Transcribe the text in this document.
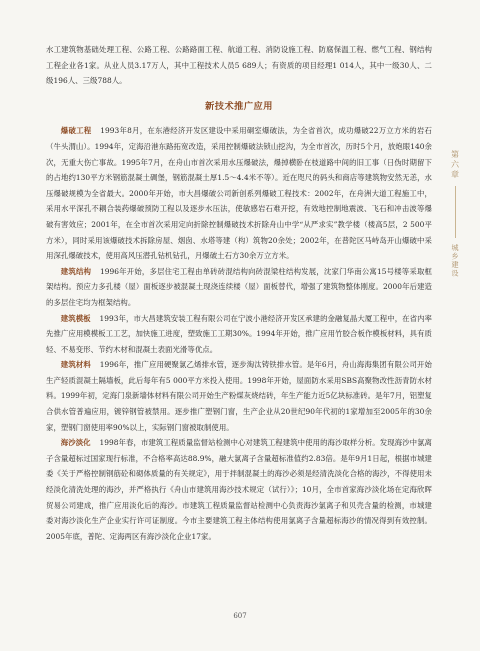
水工建筑物基础处理工程、公路工程、公路路面工程、航道工程、消防设施工程、防腐保温工程、燃气工程、钢结构工程企业各1家。从业人员3.17万人，其中工程技术人员5 689人；有资质的项目经理1 014人，其中一级30人、二级196人、三级788人。

新技术推广应用

爆破工程 1993年8月，在东港经济开发区建设中采用硐室爆破法，为全省首次，成功爆破22万立方米的岩石（牛头渭山）。1994年，定海沿港东路拓宽改造，采用控制爆破法锁山挖沟，为全市首次，历时5个月，放炮眼140余次，无重大伤亡事故。1995年7月，在舟山市首次采用水压爆破法，爆掉横卧在枝道路中间的旧工事（日伪时期留下的占地约130平方米钢筋混凝土碉堡，钢筋混凝土厚1.5～4.4米不等）。近在咫尺的码头和商店等建筑物安然无恙，水压爆破规模为全省最大。2000年开始，市大昌爆破公司新创系列爆破工程技术：2002年，在舟洲大道工程施工中，采用水平深孔不耦合装药爆破预防工程以及逐步水压法，使敏感岩石难开挖，有效地控制地震波、飞石和冲击波等爆破有害效应；2001年，在全市首次采用定向折除控制爆破技术折除舟山中学“从严求实”教学楼（楼高5层，2 500平方米），同时采用该爆破技术拆除房屋、烟囱、水塔等建（构）筑物20余处；2002年，在普陀区马峙岛开山爆破中采用深孔爆破技术，使用高风压潜孔钻机钻孔，月爆破土石方30余万立方米。

建筑结构 1996年开始，多层住宅工程由单砖砖混结构向砖混梁柱结构发展，沈家门华南公寓15号楼等采取框架结构。预应力多孔楼（屋）面板逐步被混凝土现浇连续楼（屋）面板替代，增强了建筑物整体刚度。2000年后建造的多层住宅均为框架结构。

建筑模板 1993年，市大昌建筑安装工程有限公司在宁波小港经济开发区承建的金融复晶大厦工程中，在省内率先推广应用模模板工工艺，加快施工进度，塑致施工工期30%。1994年开始，推广应用竹胶合板作模板材料，具有质轻、不易变形、节约木材和混凝土表面光滑等优点。

建筑材料 1996年，推广应用硬聚氯乙烯排水管，逐步淘汰铸铁排水管。是年6月，舟山海海集团有限公司开始生产轻质混凝土隔墙板，此后每年有5 000平方米投入使用。1998年开始，屋面防水采用SBS高聚物改性沥青防水材料。1999年初，定海门泉新墙体材料有限公司开始生产粉煤灰烧结砖，年生产能力近5亿块标准砖。是年7月，铝塑复合供水管普遍应用，镀锌钢管被禁用。逐步推广塑钢门窗，生产企业从20世纪90年代初的1家增加至2005年的30余家，塑钢门窗使用率90%以上，实际钢门窗被取制使用。

海沙淡化 1998年春，市建筑工程质量监督站检测中心对建筑工程建筑中使用的海沙取样分析。发现海沙中氯离子含量超标过国家现行标准，不合格率高达88.9%，融大氯离子含量超标准值约2.83倍。是年9月1日起，根据市城建委《关于严格控制钢筋砼和砌体质量的有关规定》，用于拌制混凝土的海沙必须是经清洗淡化合格的海沙，不得使用未经淡化清洗处理的海沙，并严格执行《舟山市建筑用海沙技术规定（试行）》；10月，全市首家海沙淡化场在定海欣晖贸易公司建成，推广应用淡化后的海沙。市建筑工程质量监督站检测中心负责海沙氯离子和贝壳含量的检测，市城建委对海沙淡化生产企业实行许可证制度。今市主要建筑工程主体结构使用氯离子含量超标海沙的情况得到有效控制。2005年底，普陀、定海两区有海沙淡化企业17家。

第六章
城乡建设
607
